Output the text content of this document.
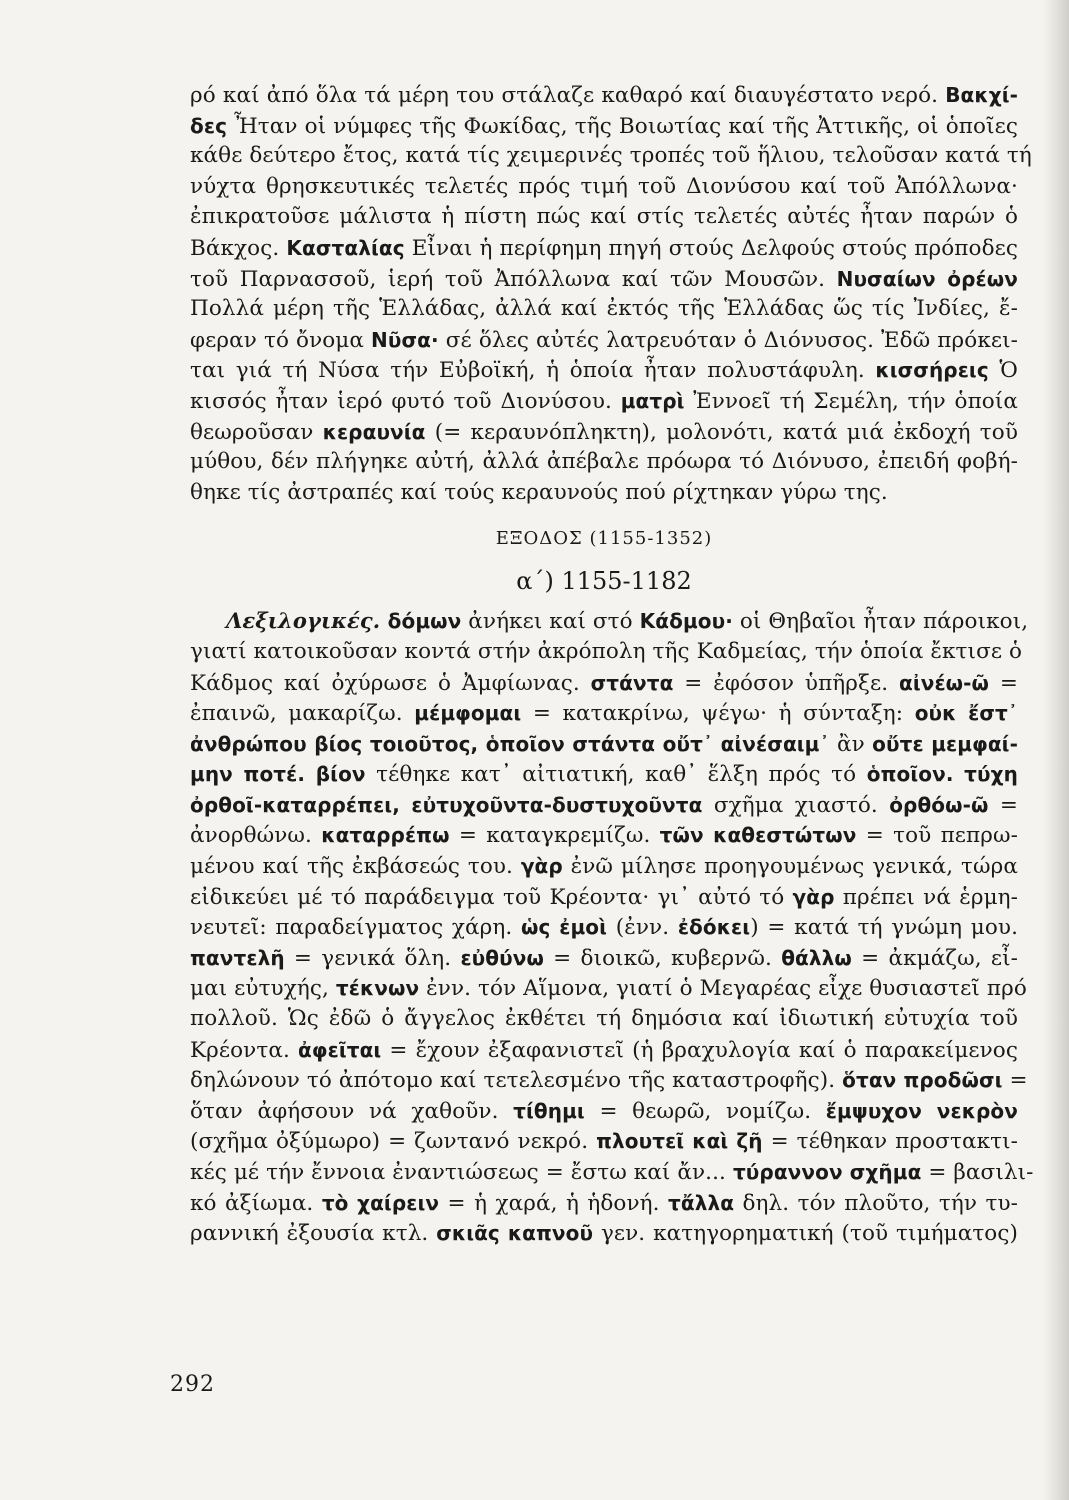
ρό καί ἀπό ὅλα τά μέρη του στάλαζε καθαρό καί διαυγέστατο νερό. Βακχί-
δες Ἦταν οἱ νύμφες τῆς Φωκίδας, τῆς Βοιωτίας καί τῆς Ἀττικῆς, οἱ ὁποῖες
κάθε δεύτερο ἔτος, κατά τίς χειμερινές τροπές τοῦ ἥλιου, τελοῦσαν κατά τή
νύχτα θρησκευτικές τελετές πρός τιμή τοῦ Διονύσου καί τοῦ Ἀπόλλωνα·
ἐπικρατοῦσε μάλιστα ἡ πίστη πώς καί στίς τελετές αὐτές ἦταν παρών ὁ
Βάκχος. Κασταλίας Εἶναι ἡ περίφημη πηγή στούς Δελφούς στούς πρόποδες
τοῦ Παρνασσοῦ, ἱερή τοῦ Ἀπόλλωνα καί τῶν Μουσῶν. Νυσαίων ὀρέων
Πολλά μέρη τῆς Ἑλλάδας, ἀλλά καί ἐκτός τῆς Ἑλλάδας ὥς τίς Ἰνδίες, ἔ-
φεραν τό ὄνομα Νῦσα· σέ ὅλες αὐτές λατρευόταν ὁ Διόνυσος. Ἐδῶ πρόκει-
ται γιά τή Νύσα τήν Εὐβοϊκή, ἡ ὁποία ἦταν πολυστάφυλη. κισσήρεις Ὁ
κισσός ἦταν ἱερό φυτό τοῦ Διονύσου. ματρὶ Ἐννοεῖ τή Σεμέλη, τήν ὁποία
θεωροῦσαν κεραυνία (= κεραυνόπληκτη), μολονότι, κατά μιά ἐκδοχή τοῦ
μύθου, δέν πλήγηκε αὐτή, ἀλλά ἀπέβαλε πρόωρα τό Διόνυσο, ἐπειδή φοβή-
θηκε τίς ἀστραπές καί τούς κεραυνούς πού ρίχτηκαν γύρω της.
ΕΞΟΔΟΣ (1155-1352)
α΄) 1155-1182
Λεξιλογικές. δόμων ἀνήκει καί στό Κάδμου· οἱ Θηβαῖοι ἦταν πάροικοι,
γιατί κατοικοῦσαν κοντά στήν ἀκρόπολη τῆς Καδμείας, τήν ὁποία ἔκτισε ὁ
Κάδμος καί ὀχύρωσε ὁ Ἀμφίωνας. στάντα = ἐφόσον ὑπῆρξε. αἰνέω-ῶ =
ἐπαινῶ, μακαρίζω. μέμφομαι = κατακρίνω, ψέγω· ἡ σύνταξη: οὐκ ἔστ᾽
ἀνθρώπου βίος τοιοῦτος, ὁποῖον στάντα οὔτ᾽ αἰνέσαιμ᾽ ἂν οὔτε μεμφαί-
μην ποτέ. βίον τέθηκε κατ᾽ αἰτιατική, καθ᾽ ἕλξη πρός τό ὁποῖον. τύχη
ὀρθοῖ-καταρρέπει, εὐτυχοῦντα-δυστυχοῦντα σχῆμα χιαστό. ὀρθόω-ῶ =
ἀνορθώνω. καταρρέπω = καταγκρεμίζω. τῶν καθεστώτων = τοῦ πεπρω-
μένου καί τῆς ἐκβάσεώς του. γὰρ ἐνῶ μίλησε προηγουμένως γενικά, τώρα
εἰδικεύει μέ τό παράδειγμα τοῦ Κρέοντα· γι᾽ αὐτό τό γὰρ πρέπει νά ἑρμη-
νευτεῖ: παραδείγματος χάρη. ὡς ἐμοὶ (ἐνν. ἐδόκει) = κατά τή γνώμη μου.
παντελῆ = γενικά ὅλη. εὐθύνω = διοικῶ, κυβερνῶ. θάλλω = ἀκμάζω, εἶ-
μαι εὐτυχής, τέκνων ἐνν. τόν Αἵμονα, γιατί ὁ Μεγαρέας εἶχε θυσιαστεῖ πρό
πολλοῦ. Ὡς ἐδῶ ὁ ἄγγελος ἐκθέτει τή δημόσια καί ἰδιωτική εὐτυχία τοῦ
Κρέοντα. ἀφεῖται = ἔχουν ἐξαφανιστεῖ (ἡ βραχυλογία καί ὁ παρακείμενος
δηλώνουν τό ἀπότομο καί τετελεσμένο τῆς καταστροφῆς). ὅταν προδῶσι =
ὅταν ἀφήσουν νά χαθοῦν. τίθημι = θεωρῶ, νομίζω. ἔμψυχον νεκρὸν
(σχῆμα ὀξύμωρο) = ζωντανό νεκρό. πλουτεῖ καὶ ζῆ = τέθηκαν προστακτι-
κές μέ τήν ἔννοια ἐναντιώσεως = ἔστω καί ἄν... τύραννον σχῆμα = βασιλι-
κό ἀξίωμα. τὸ χαίρειν = ἡ χαρά, ἡ ἡδονή. τἄλλα δηλ. τόν πλοῦτο, τήν τυ-
ραννική ἐξουσία κτλ. σκιᾶς καπνοῦ γεν. κατηγορηματική (τοῦ τιμήματος)
292
